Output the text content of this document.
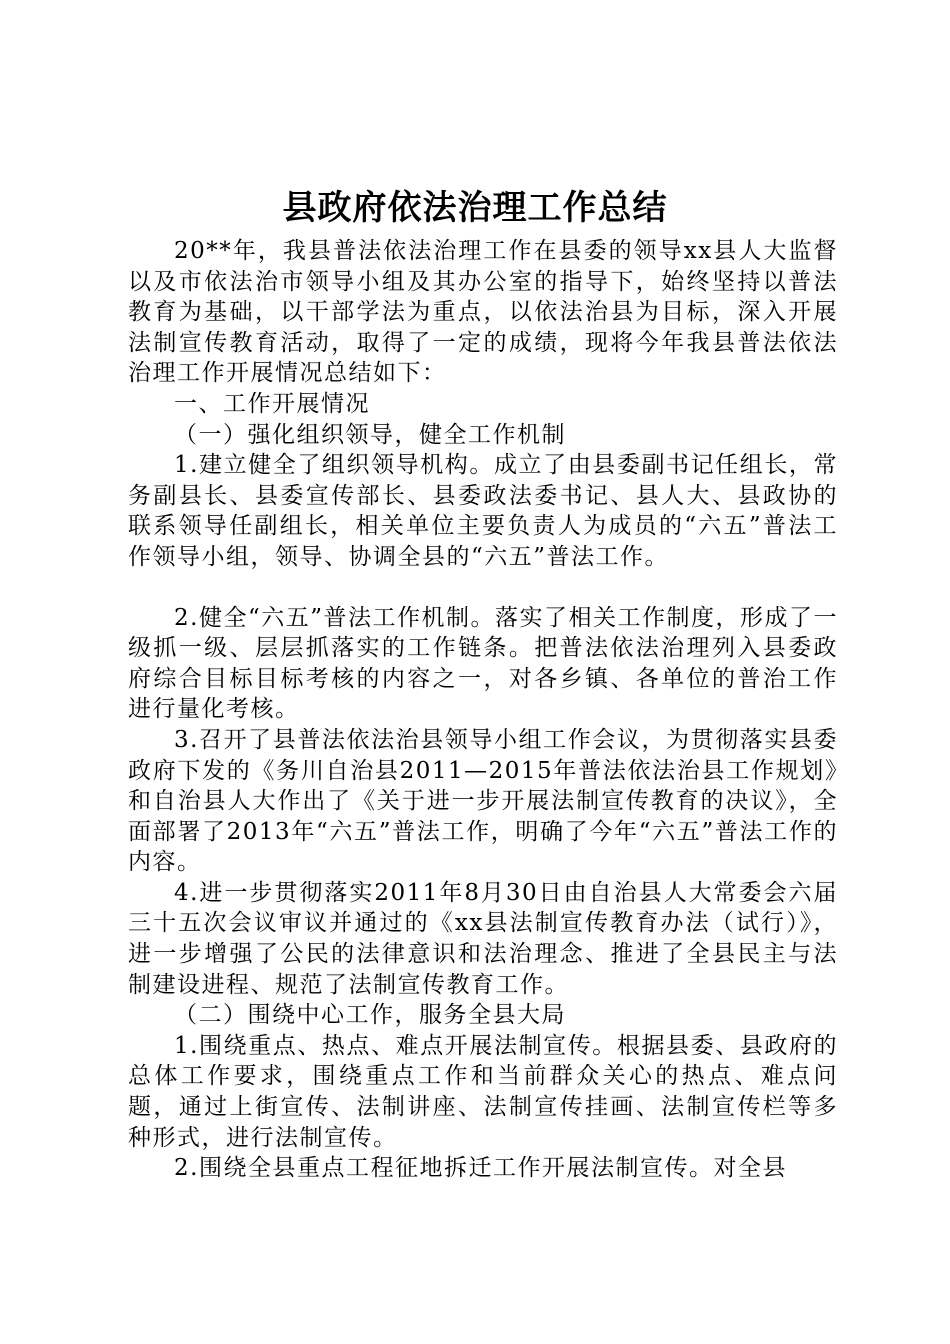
县政府依法治理工作总结

20**年，我县普法依法治理工作在县委的领导xx县人大监督以及市依法治市领导小组及其办公室的指导下，始终坚持以普法教育为基础，以干部学法为重点，以依法治县为目标，深入开展法制宣传教育活动，取得了一定的成绩，现将今年我县普法依法治理工作开展情况总结如下：

一、工作开展情况

（一）强化组织领导，健全工作机制

1.建立健全了组织领导机构。成立了由县委副书记任组长，常务副县长、县委宣传部长、县委政法委书记、县人大、县政协的联系领导任副组长，相关单位主要负责人为成员的“六五”普法工作领导小组，领导、协调全县的“六五”普法工作。

2.健全“六五”普法工作机制。落实了相关工作制度，形成了一级抓一级、层层抓落实的工作链条。把普法依法治理列入县委政府综合目标目标考核的内容之一，对各乡镇、各单位的普治工作进行量化考核。

3.召开了县普法依法治县领导小组工作会议，为贯彻落实县委政府下发的《务川自治县2011—2015年普法依法治县工作规划》和自治县人大作出了《关于进一步开展法制宣传教育的决议》，全面部署了2013年“六五”普法工作，明确了今年“六五”普法工作的内容。

4.进一步贯彻落实2011年8月30日由自治县人大常委会六届三十五次会议审议并通过的《xx县法制宣传教育办法（试行）》，进一步增强了公民的法律意识和法治理念、推进了全县民主与法制建设进程、规范了法制宣传教育工作。

（二）围绕中心工作，服务全县大局

1.围绕重点、热点、难点开展法制宣传。根据县委、县政府的总体工作要求，围绕重点工作和当前群众关心的热点、难点问题，通过上街宣传、法制讲座、法制宣传挂画、法制宣传栏等多种形式，进行法制宣传。

2.围绕全县重点工程征地拆迁工作开展法制宣传。对全县
